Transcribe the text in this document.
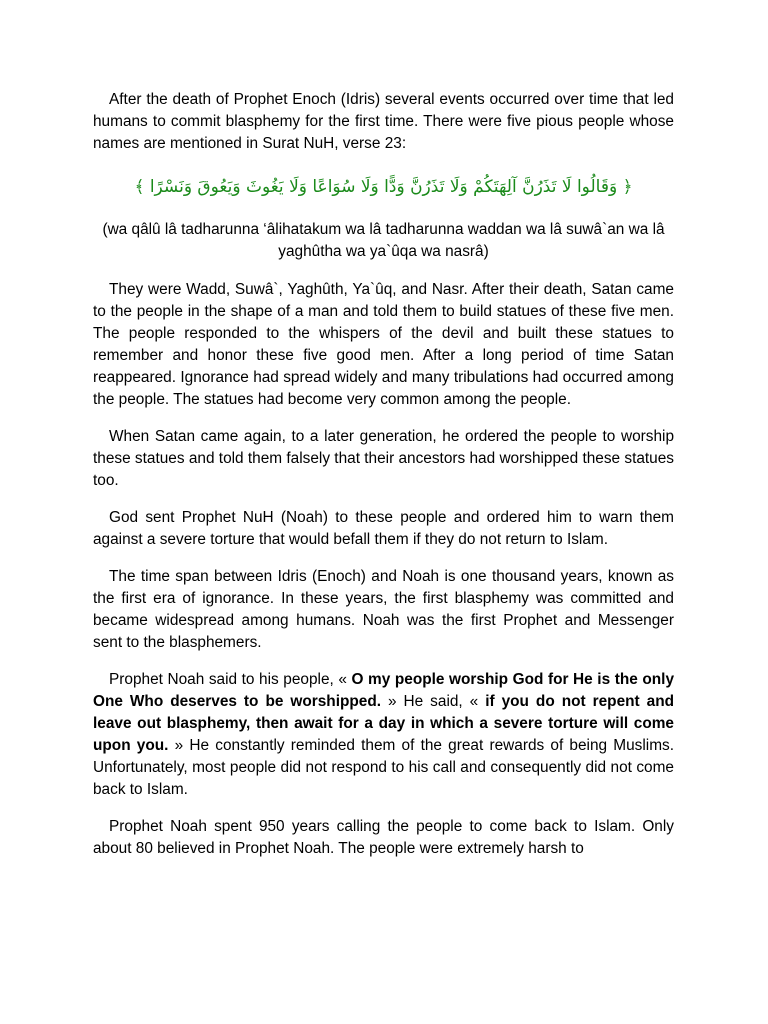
After the death of Prophet Enoch (Idris) several events occurred over time that led humans to commit blasphemy for the first time. There were five pious people whose names are mentioned in Surat NuH, verse 23:

﴿ وَقَالُوا لَا تَذَرُنَّ آلِهَتَكُمْ وَلَا تَذَرُنَّ وَدًّا وَلَا سُوَاعًا وَلَا يَغُوثَ وَيَعُوقَ وَنَسْرًا ﴾
(wa qâlû lâ tadharunna ‘âlihatakum wa lâ tadharunna waddan wa lâ suwâ`an wa lâ yaghûtha wa ya`ûqa wa nasrâ)

They were Wadd, Suwâ`, Yaghûth, Ya`ûq, and Nasr. After their death, Satan came to the people in the shape of a man and told them to build statues of these five men. The people responded to the whispers of the devil and built these statues to remember and honor these five good men. After a long period of time Satan reappeared. Ignorance had spread widely and many tribulations had occurred among the people. The statues had become very common among the people.

When Satan came again, to a later generation, he ordered the people to worship these statues and told them falsely that their ancestors had worshipped these statues too.

God sent Prophet NuH (Noah) to these people and ordered him to warn them against a severe torture that would befall them if they do not return to Islam.

The time span between Idris (Enoch) and Noah is one thousand years, known as the first era of ignorance. In these years, the first blasphemy was committed and became widespread among humans. Noah was the first Prophet and Messenger sent to the blasphemers.

Prophet Noah said to his people, « O my people worship God for He is the only One Who deserves to be worshipped. » He said, « if you do not repent and leave out blasphemy, then await for a day in which a severe torture will come upon you. » He constantly reminded them of the great rewards of being Muslims. Unfortunately, most people did not respond to his call and consequently did not come back to Islam.

Prophet Noah spent 950 years calling the people to come back to Islam. Only about 80 believed in Prophet Noah. The people were extremely harsh to
